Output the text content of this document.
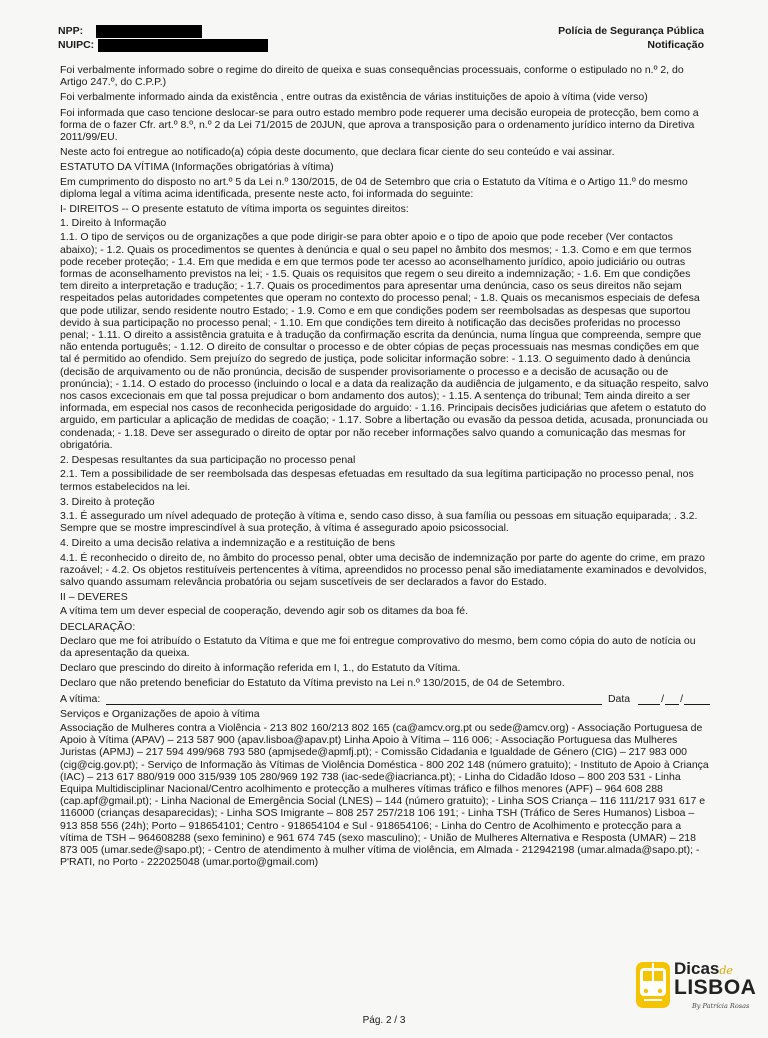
NPP:
NUIPC:
Polícia de Segurança Pública
Notificação
Foi verbalmente informado sobre o regime do direito de queixa e suas consequências processuais, conforme o estipulado no n.º 2, do Artigo 247.º, do C.P.P.)
Foi verbalmente informado ainda da existência , entre outras da existência de várias instituições de apoio à vítima (vide verso)
Foi informada que caso tencione deslocar-se para outro estado membro pode requerer uma decisão europeia de protecção, bem como a forma de o fazer Cfr. art.º 8.º, n.º 2 da Lei 71/2015 de 20JUN, que aprova a transposição para o ordenamento jurídico interno da Diretiva 2011/99/EU.
Neste acto foi entregue ao notificado(a) cópia deste documento, que declara ficar ciente do seu conteúdo e vai assinar.
ESTATUTO DA VÍTIMA (Informações obrigatórias à vítima)
Em cumprimento do disposto no art.º 5 da Lei n.º 130/2015, de 04 de Setembro que cria o Estatuto da Vítima e o Artigo 11.º do mesmo diploma legal a vítima acima identificada, presente neste acto, foi informada do seguinte:
I- DIREITOS -- O presente estatuto de vítima importa os seguintes direitos:
1. Direito à Informação
1.1. O tipo de serviços ou de organizações a que pode dirigir-se para obter apoio e o tipo de apoio que pode receber (Ver contactos abaixo); - 1.2. Quais os procedimentos se quentes à denúncia e qual o seu papel no âmbito dos mesmos; - 1.3. Como e em que termos pode receber proteção; - 1.4. Em que medida e em que termos pode ter acesso ao aconselhamento jurídico, apoio judiciário ou outras formas de aconselhamento previstos na lei; - 1.5. Quais os requisitos que regem o seu direito a indemnização; - 1.6. Em que condições tem direito a interpretação e tradução; - 1.7. Quais os procedimentos para apresentar uma denúncia, caso os seus direitos não sejam respeitados pelas autoridades competentes que operam no contexto do processo penal; - 1.8. Quais os mecanismos especiais de defesa que pode utilizar, sendo residente noutro Estado; - 1.9. Como e em que condições podem ser reembolsadas as despesas que suportou devido à sua participação no processo penal; - 1.10. Em que condições tem direito à notificação das decisões proferidas no processo penal; - 1.11. O direito a assistência gratuita e à tradução da confirmação escrita da denúncia, numa língua que compreenda, sempre que não entenda português; - 1.12. O direito de consultar o processo e de obter cópias de peças processuais nas mesmas condições em que tal é permitido ao ofendido. Sem prejuízo do segredo de justiça, pode solicitar informação sobre: - 1.13. O seguimento dado à denúncia (decisão de arquivamento ou de não pronúncia, decisão de suspender provisoriamente o processo e a decisão de acusação ou de pronúncia); - 1.14. O estado do processo (incluindo o local e a data da realização da audiência de julgamento, e da situação respeito, salvo nos casos excecionais em que tal possa prejudicar o bom andamento dos autos); - 1.15. A sentença do tribunal; Tem ainda direito a ser informada, em especial nos casos de reconhecida perigosidade do arguido: - 1.16. Principais decisões judiciárias que afetem o estatuto do arguido, em particular a aplicação de medidas de coação; - 1.17. Sobre a libertação ou evasão da pessoa detida, acusada, pronunciada ou condenada; - 1.18. Deve ser assegurado o direito de optar por não receber informações salvo quando a comunicação das mesmas for obrigatória.
2. Despesas resultantes da sua participação no processo penal
2.1. Tem a possibilidade de ser reembolsada das despesas efetuadas em resultado da sua legítima participação no processo penal, nos termos estabelecidos na lei.
3. Direito à proteção
3.1. É assegurado um nível adequado de proteção à vítima e, sendo caso disso, à sua família ou pessoas em situação equiparada; . 3.2. Sempre que se mostre imprescindível à sua proteção, à vítima é assegurado apoio psicossocial.
4. Direito a uma decisão relativa a indemnização e a restituição de bens
4.1. É reconhecido o direito de, no âmbito do processo penal, obter uma decisão de indemnização por parte do agente do crime, em prazo razoável; - 4.2. Os objetos restituíveis pertencentes à vítima, apreendidos no processo penal são imediatamente examinados e devolvidos, salvo quando assumam relevância probatória ou sejam suscetíveis de ser declarados a favor do Estado.
II – DEVERES
A vítima tem um dever especial de cooperação, devendo agir sob os ditames da boa fé.
DECLARAÇÃO:
Declaro que me foi atribuído o Estatuto da Vítima e que me foi entregue comprovativo do mesmo, bem como cópia do auto de notícia ou da apresentação da queixa.
Declaro que prescindo do direito à informação referida em I, 1., do Estatuto da Vítima.
Declaro que não pretendo beneficiar do Estatuto da Vítima previsto na Lei n.º 130/2015, de 04 de Setembro.
A vítima:	Data	/ /
Serviços e Organizações de apoio à vítima
Associação de Mulheres contra a Violência - 213 802 160/213 802 165 (ca@amcv.org.pt ou sede@amcv.org) - Associação Portuguesa de Apoio à Vítima (APAV) – 213 587 900 (apav.lisboa@apav.pt) Linha Apoio à Vítima – 116 006; - Associação Portuguesa das Mulheres Juristas (APMJ) – 217 594 499/968 793 580 (apmjsede@apmfj.pt); - Comissão Cidadania e Igualdade de Género (CIG) – 217 983 000 (cig@cig.gov.pt); - Serviço de Informação às Vítimas de Violência Doméstica - 800 202 148 (número gratuito); - Instituto de Apoio à Criança (IAC) – 213 617 880/919 000 315/939 105 280/969 192 738 (iac-sede@iacrianca.pt); - Linha do Cidadão Idoso – 800 203 531 - Linha Equipa Multidisciplinar Nacional/Centro acolhimento e protecção a mulheres vítimas tráfico e filhos menores (APF) – 964 608 288 (cap.apf@gmail.pt); - Linha Nacional de Emergência Social (LNES) – 144 (número gratuito); - Linha SOS Criança – 116 111/217 931 617 e 116000 (crianças desaparecidas); - Linha SOS Imigrante – 808 257 257/218 106 191; - Linha TSH (Tráfico de Seres Humanos) Lisboa – 913 858 556 (24h); Porto – 918654101; Centro - 918654104 e Sul - 918654106; - Linha do Centro de Acolhimento e protecção para a vítima de TSH – 964608288 (sexo feminino) e 961 674 745 (sexo masculino); - União de Mulheres Alternativa e Resposta (UMAR) – 218 873 005 (umar.sede@sapo.pt); - Centro de atendimento à mulher vítima de violência, em Almada - 212942198 (umar.almada@sapo.pt); - P'RATI, no Porto - 222025048 (umar.porto@gmail.com)
Dicasde
LISBOA
By Patrícia Rosas
Pág. 2 / 3
